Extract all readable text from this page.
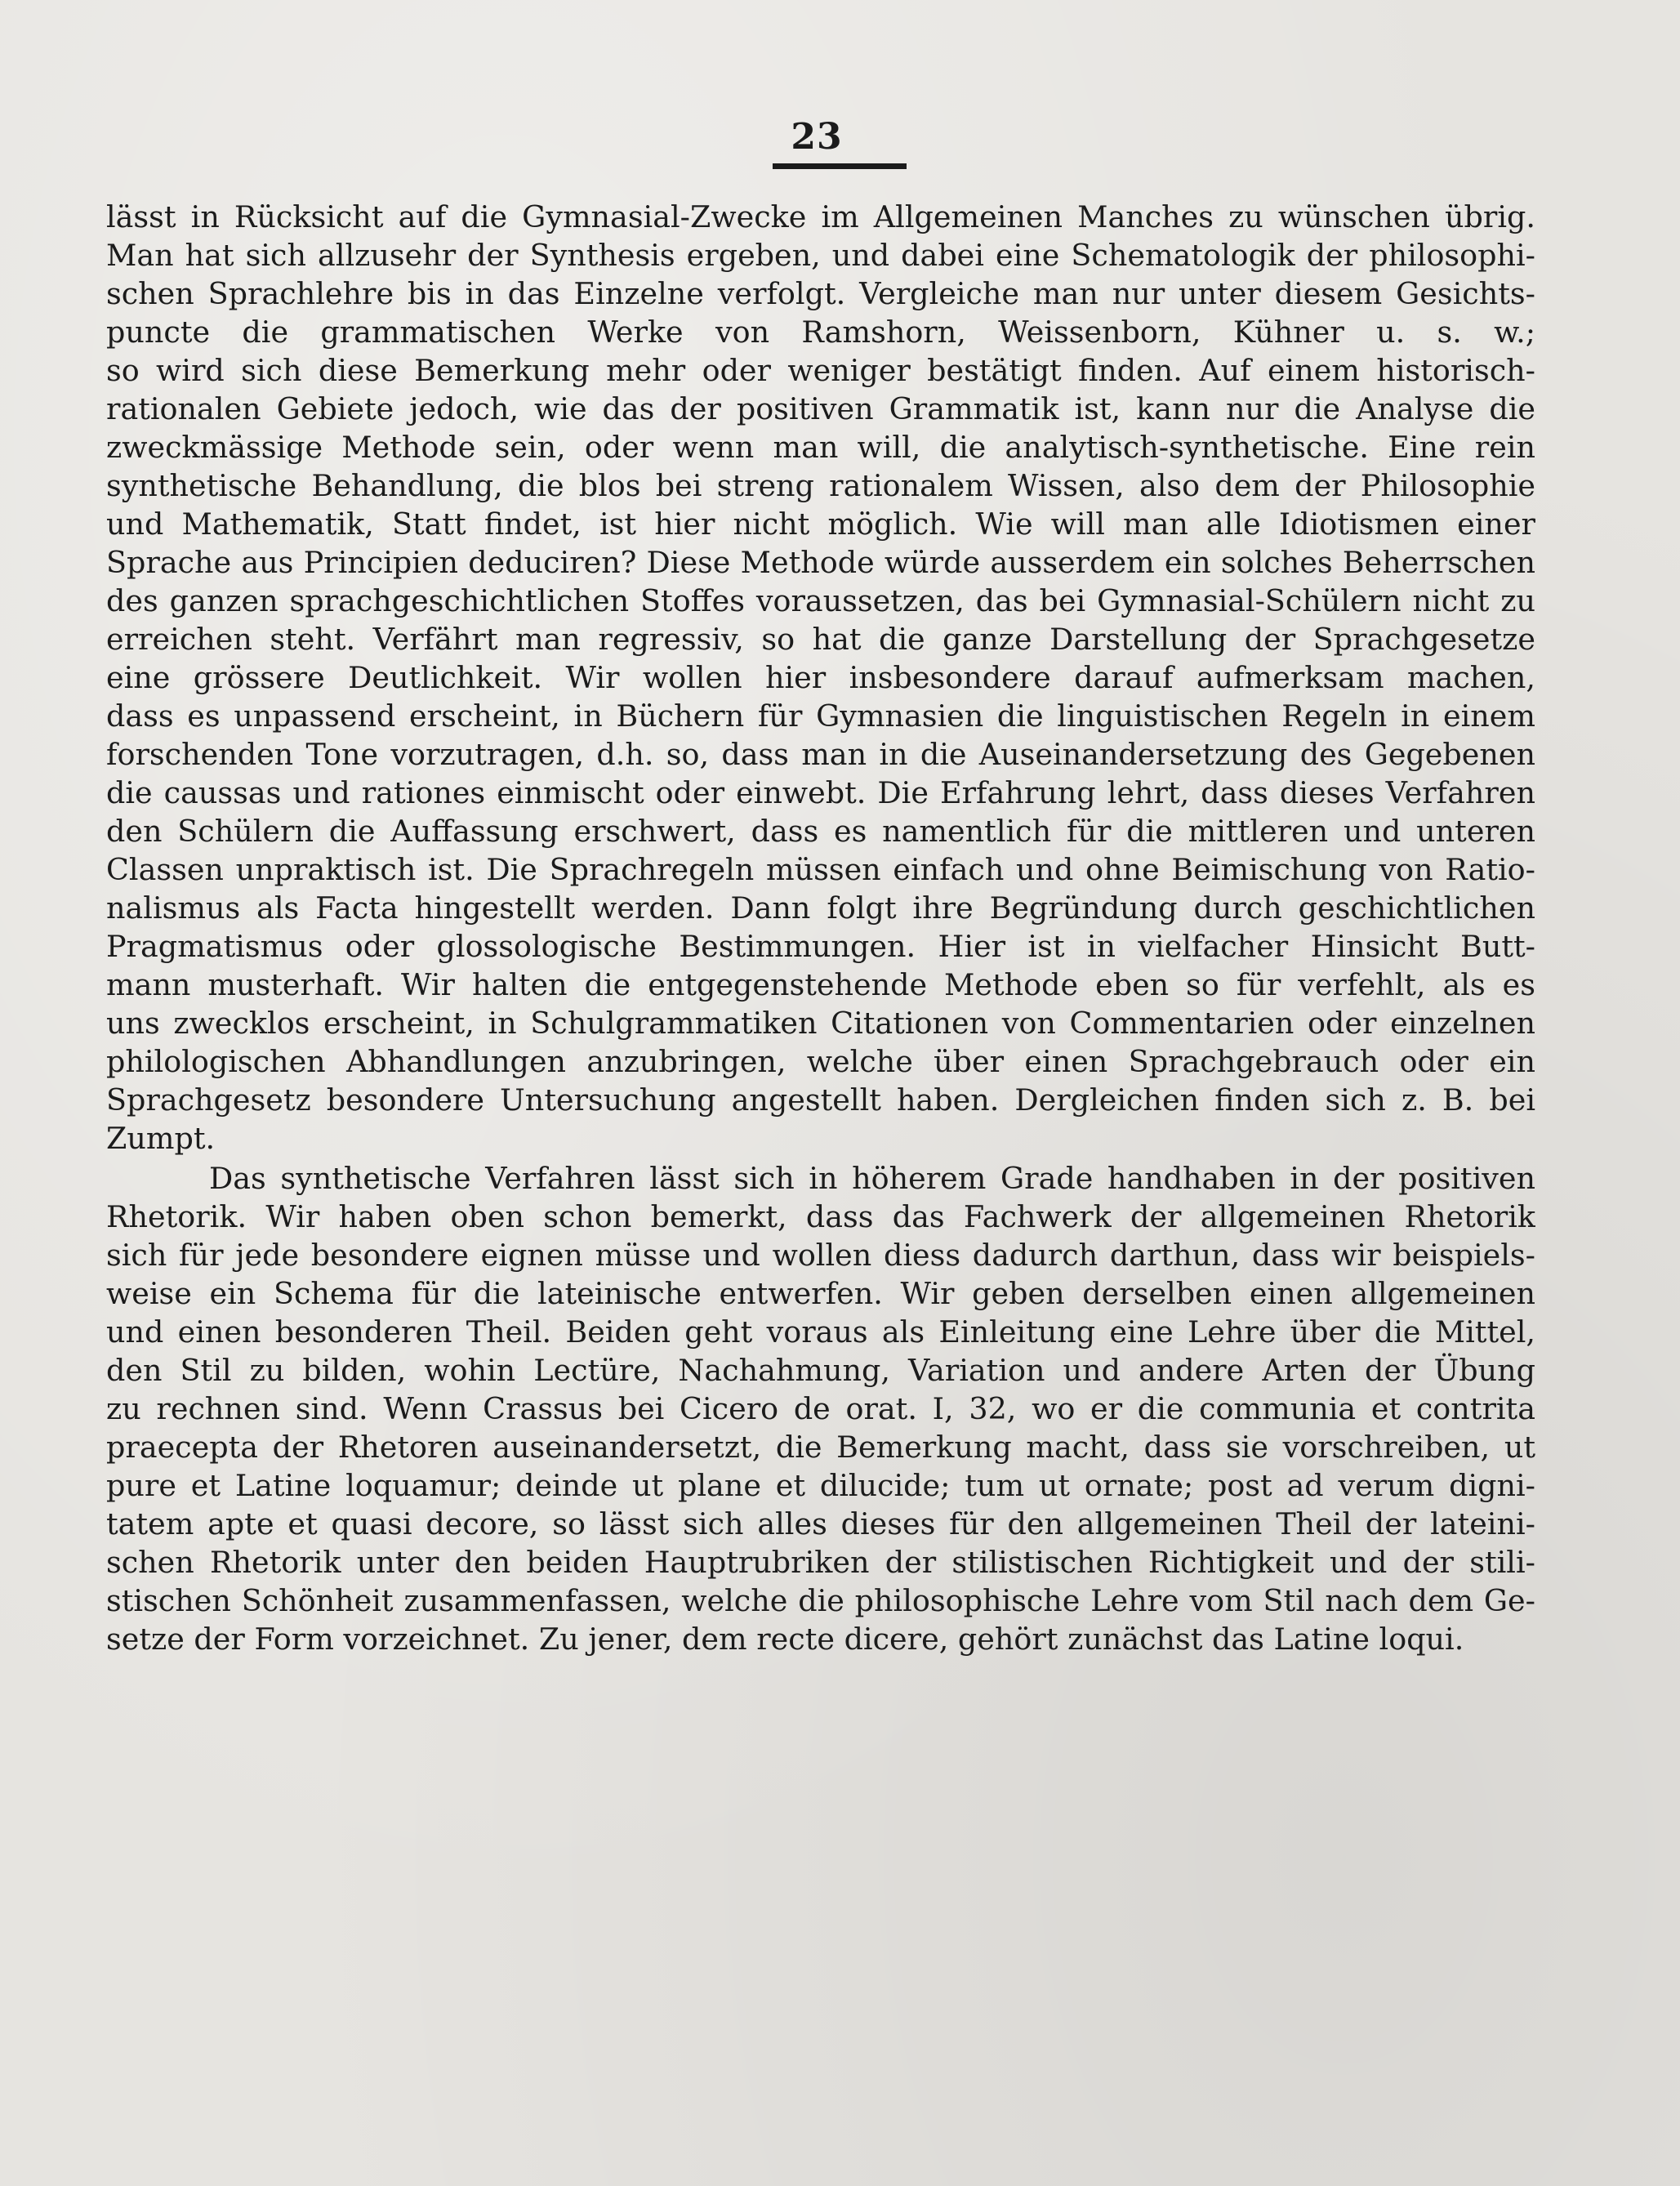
23
lässt in Rücksicht auf die Gymnasial-Zwecke im Allgemeinen Manches zu wünschen übrig.
Man hat sich allzusehr der Synthesis ergeben, und dabei eine Schematologik der philosophi-
schen Sprachlehre bis in das Einzelne verfolgt. Vergleiche man nur unter diesem Gesichts-
puncte die grammatischen Werke von Ramshorn, Weissenborn, Kühner u. s. w.;
so wird sich diese Bemerkung mehr oder weniger bestätigt finden. Auf einem historisch-
rationalen Gebiete jedoch, wie das der positiven Grammatik ist, kann nur die Analyse die
zweckmässige Methode sein, oder wenn man will, die analytisch-synthetische. Eine rein
synthetische Behandlung, die blos bei streng rationalem Wissen, also dem der Philosophie
und Mathematik, Statt findet, ist hier nicht möglich. Wie will man alle Idiotismen einer
Sprache aus Principien deduciren? Diese Methode würde ausserdem ein solches Beherrschen
des ganzen sprachgeschichtlichen Stoffes voraussetzen, das bei Gymnasial-Schülern nicht zu
erreichen steht. Verfährt man regressiv, so hat die ganze Darstellung der Sprachgesetze
eine grössere Deutlichkeit. Wir wollen hier insbesondere darauf aufmerksam machen,
dass es unpassend erscheint, in Büchern für Gymnasien die linguistischen Regeln in einem
forschenden Tone vorzutragen, d.h. so, dass man in die Auseinandersetzung des Gegebenen
die caussas und rationes einmischt oder einwebt. Die Erfahrung lehrt, dass dieses Verfahren
den Schülern die Auffassung erschwert, dass es namentlich für die mittleren und unteren
Classen unpraktisch ist. Die Sprachregeln müssen einfach und ohne Beimischung von Ratio-
nalismus als Facta hingestellt werden. Dann folgt ihre Begründung durch geschichtlichen
Pragmatismus oder glossologische Bestimmungen. Hier ist in vielfacher Hinsicht Butt-
mann musterhaft. Wir halten die entgegenstehende Methode eben so für verfehlt, als es
uns zwecklos erscheint, in Schulgrammatiken Citationen von Commentarien oder einzelnen
philologischen Abhandlungen anzubringen, welche über einen Sprachgebrauch oder ein
Sprachgesetz besondere Untersuchung angestellt haben. Dergleichen finden sich z. B. bei
Zumpt.
Das synthetische Verfahren lässt sich in höherem Grade handhaben in der positiven
Rhetorik. Wir haben oben schon bemerkt, dass das Fachwerk der allgemeinen Rhetorik
sich für jede besondere eignen müsse und wollen diess dadurch darthun, dass wir beispiels-
weise ein Schema für die lateinische entwerfen. Wir geben derselben einen allgemeinen
und einen besonderen Theil. Beiden geht voraus als Einleitung eine Lehre über die Mittel,
den Stil zu bilden, wohin Lectüre, Nachahmung, Variation und andere Arten der Übung
zu rechnen sind. Wenn Crassus bei Cicero de orat. I, 32, wo er die communia et contrita
praecepta der Rhetoren auseinandersetzt, die Bemerkung macht, dass sie vorschreiben, ut
pure et Latine loquamur; deinde ut plane et dilucide; tum ut ornate; post ad verum digni-
tatem apte et quasi decore, so lässt sich alles dieses für den allgemeinen Theil der lateini-
schen Rhetorik unter den beiden Hauptrubriken der stilistischen Richtigkeit und der stili-
stischen Schönheit zusammenfassen, welche die philosophische Lehre vom Stil nach dem Ge-
setze der Form vorzeichnet. Zu jener, dem recte dicere, gehört zunächst das Latine loqui.
